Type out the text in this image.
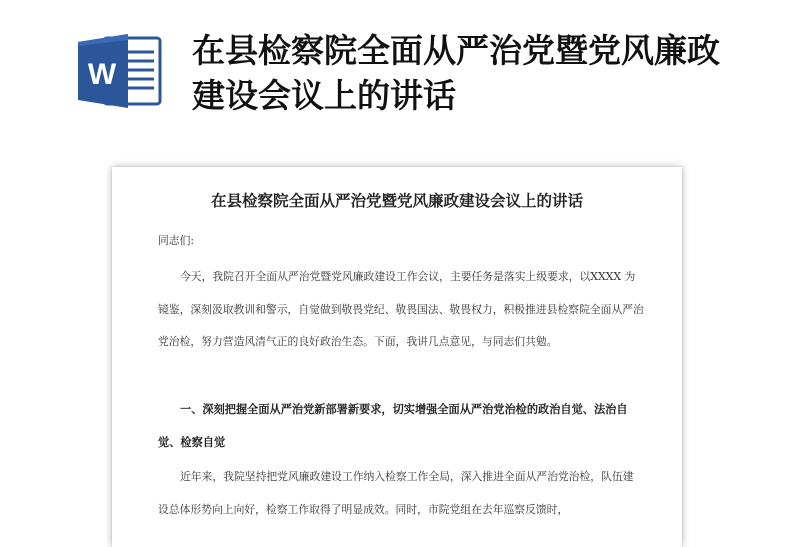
W
在县检察院全面从严治党暨党风廉政建设会议上的讲话
在县检察院全面从严治党暨党风廉政建设会议上的讲话

同志们:

今天，我院召开全面从严治党暨党风廉政建设工作会议，主要任务是落实上级要求，以XXXX 为镜鉴，深刻汲取教训和警示，自觉做到敬畏党纪、敬畏国法、敬畏权力，积极推进县检察院全面从严治党治检，努力营造风清气正的良好政治生态。下面，我讲几点意见，与同志们共勉。

一、深刻把握全面从严治党新部署新要求，切实增强全面从严治党治检的政治自觉、法治自觉、检察自觉

近年来，我院坚持把党风廉政建设工作纳入检察工作全局，深入推进全面从严治党治检，队伍建设总体形势向上向好，检察工作取得了明显成效。同时，市院党组在去年巡察反馈时，
